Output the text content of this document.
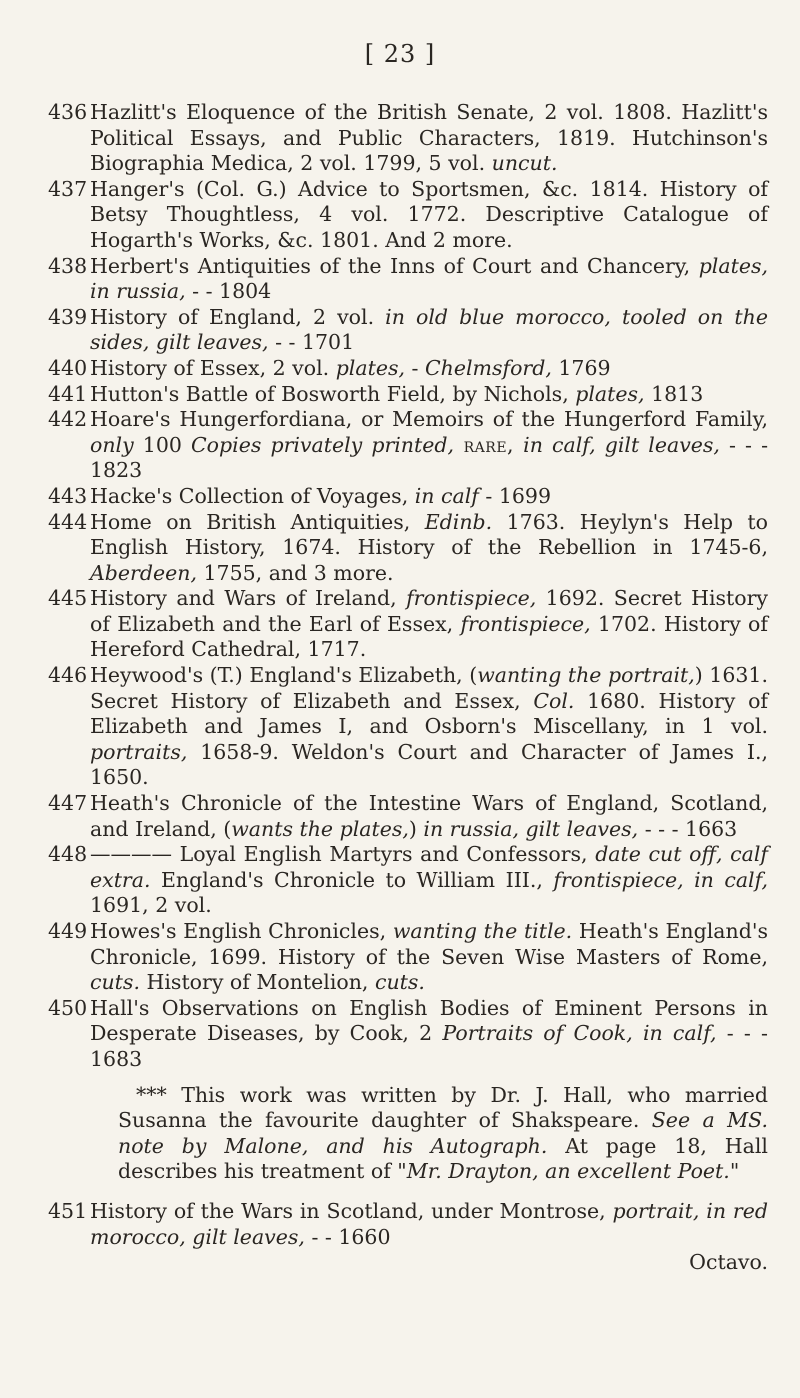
[ 23 ]
436 Hazlitt's Eloquence of the British Senate, 2 vol. 1808. Hazlitt's Political Essays, and Public Characters, 1819. Hutchinson's Biographia Medica, 2 vol. 1799, 5 vol. uncut.
437 Hanger's (Col. G.) Advice to Sportsmen, &c. 1814. History of Betsy Thoughtless, 4 vol. 1772. Descriptive Catalogue of Hogarth's Works, &c. 1801. And 2 more.
438 Herbert's Antiquities of the Inns of Court and Chancery, plates, in russia, - - 1804
439 History of England, 2 vol. in old blue morocco, tooled on the sides, gilt leaves, - - 1701
440 History of Essex, 2 vol. plates, - Chelmsford, 1769
441 Hutton's Battle of Bosworth Field, by Nichols, plates, 1813
442 Hoare's Hungerfordiana, or Memoirs of the Hungerford Family, only 100 Copies privately printed, rare, in calf, gilt leaves, - - - 1823
443 Hacke's Collection of Voyages, in calf - 1699
444 Home on British Antiquities, Edinb. 1763. Heylyn's Help to English History, 1674. History of the Rebellion in 1745-6, Aberdeen, 1755, and 3 more.
445 History and Wars of Ireland, frontispiece, 1692. Secret History of Elizabeth and the Earl of Essex, frontispiece, 1702. History of Hereford Cathedral, 1717.
446 Heywood's (T.) England's Elizabeth, (wanting the portrait,) 1631. Secret History of Elizabeth and Essex, Col. 1680. History of Elizabeth and James I, and Osborn's Miscellany, in 1 vol. portraits, 1658-9. Weldon's Court and Character of James I., 1650.
447 Heath's Chronicle of the Intestine Wars of England, Scotland, and Ireland, (wants the plates,) in russia, gilt leaves, - - - 1663
448 ———— Loyal English Martyrs and Confessors, date cut off, calf extra. England's Chronicle to William III., frontispiece, in calf, 1691, 2 vol.
449 Howes's English Chronicles, wanting the title. Heath's England's Chronicle, 1699. History of the Seven Wise Masters of Rome, cuts. History of Montelion, cuts.
450 Hall's Observations on English Bodies of Eminent Persons in Desperate Diseases, by Cook, 2 Portraits of Cook, in calf, - - - 1683
*** This work was written by Dr. J. Hall, who married Susanna the favourite daughter of Shakspeare. See a MS. note by Malone, and his Autograph. At page 18, Hall describes his treatment of "Mr. Drayton, an excellent Poet."
451 History of the Wars in Scotland, under Montrose, portrait, in red morocco, gilt leaves, - - 1660
Octavo.
